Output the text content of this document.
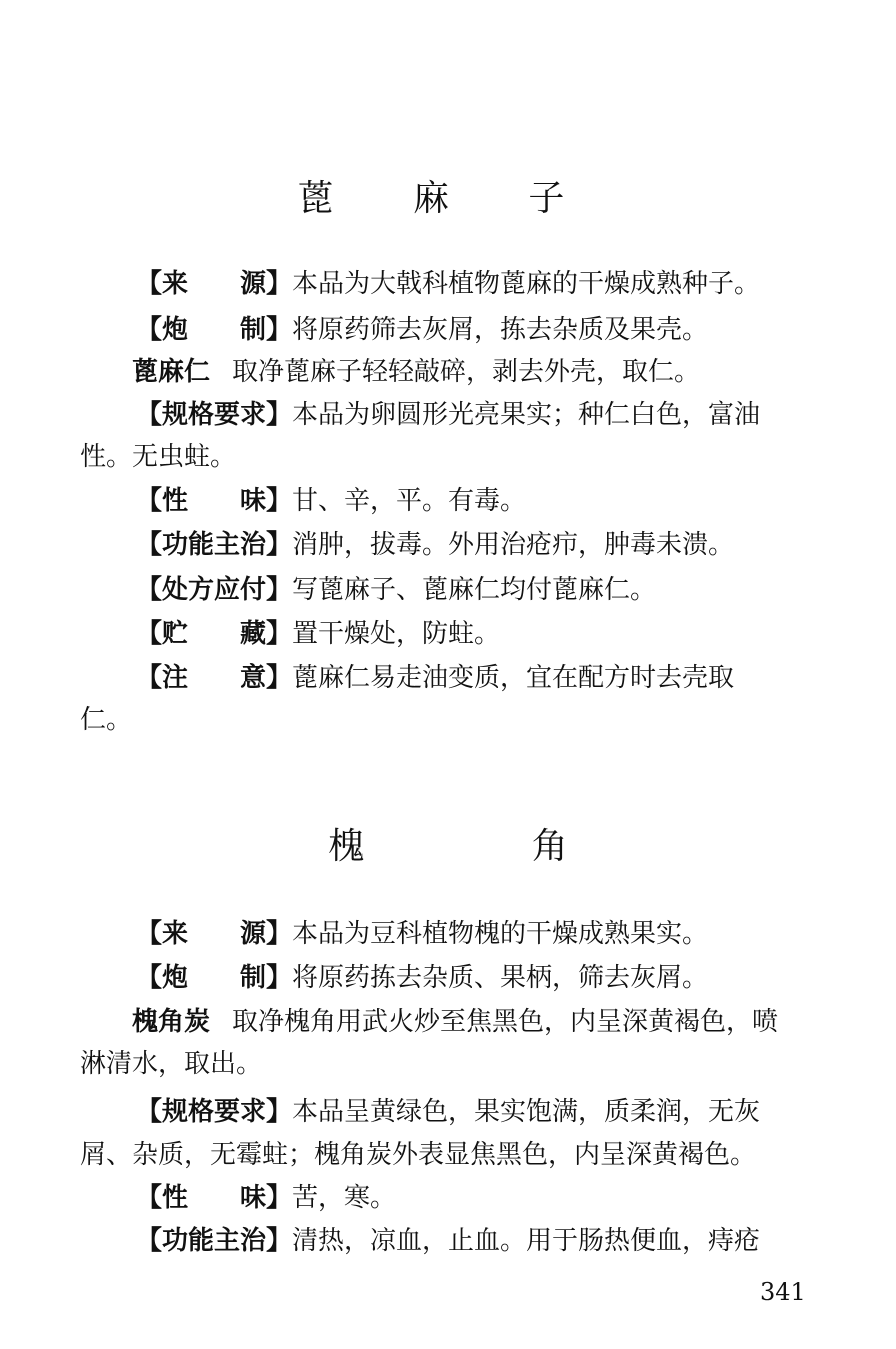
蓖 麻 子
【来　　源】本品为大戟科植物蓖麻的干燥成熟种子。
【炮　　制】将原药筛去灰屑，拣去杂质及果壳。
蓖麻仁 取净蓖麻子轻轻敲碎，剥去外壳，取仁。
【规格要求】本品为卵圆形光亮果实；种仁白色，富油
性。无虫蛀。
【性　　味】甘、辛，平。有毒。
【功能主治】消肿，拔毒。外用治疮疖，肿毒未溃。
【处方应付】写蓖麻子、蓖麻仁均付蓖麻仁。
【贮　　藏】置干燥处，防蛀。
【注　　意】蓖麻仁易走油变质，宜在配方时去壳取
仁。
槐 角
【来　　源】本品为豆科植物槐的干燥成熟果实。
【炮　　制】将原药拣去杂质、果柄，筛去灰屑。
槐角炭 取净槐角用武火炒至焦黑色，内呈深黄褐色，喷
淋清水，取出。
【规格要求】本品呈黄绿色，果实饱满，质柔润，无灰
屑、杂质，无霉蛀；槐角炭外表显焦黑色，内呈深黄褐色。
【性　　味】苦，寒。
【功能主治】清热，凉血，止血。用于肠热便血，痔疮
341
